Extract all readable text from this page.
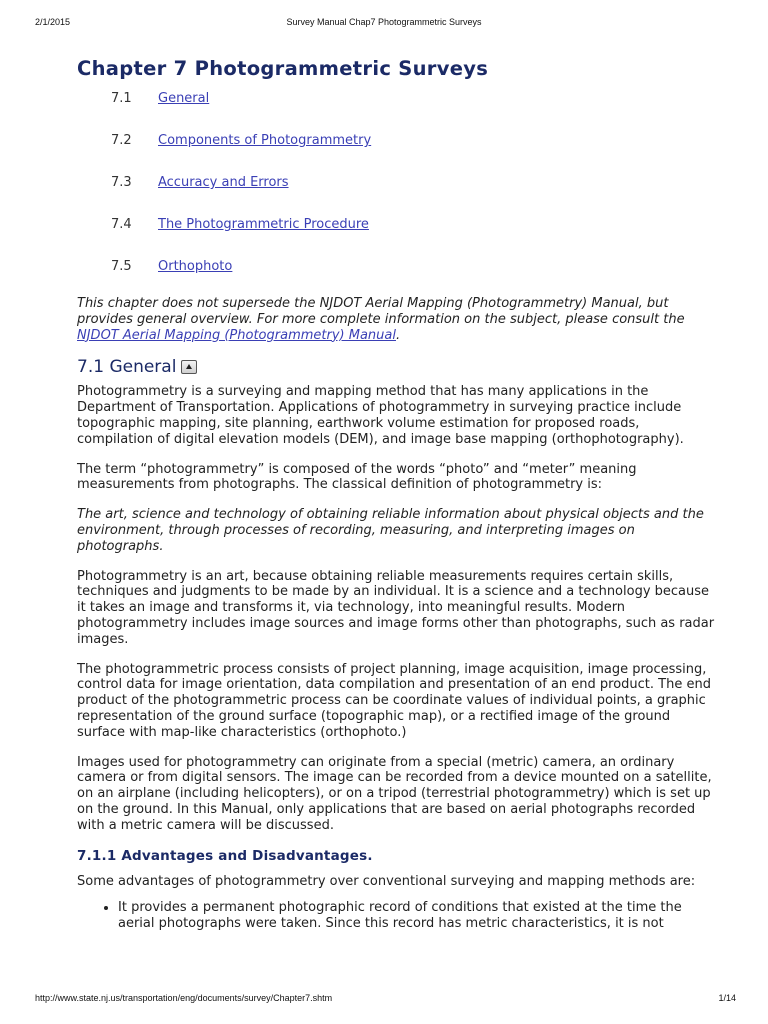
2/1/2015	Survey Manual Chap7 Photogrammetric Surveys
Chapter 7 Photogrammetric Surveys
7.1 General
7.2 Components of Photogrammetry
7.3 Accuracy and Errors
7.4 The Photogrammetric Procedure
7.5 Orthophoto

This chapter does not supersede the NJDOT Aerial Mapping (Photogrammetry) Manual, but provides general overview. For more complete information on the subject, please consult the NJDOT Aerial Mapping (Photogrammetry) Manual.

7.1 General

Photogrammetry is a surveying and mapping method that has many applications in the Department of Transportation. Applications of photogrammetry in surveying practice include topographic mapping, site planning, earthwork volume estimation for proposed roads, compilation of digital elevation models (DEM), and image base mapping (orthophotography).

The term “photogrammetry” is composed of the words “photo” and “meter” meaning measurements from photographs. The classical definition of photogrammetry is:

The art, science and technology of obtaining reliable information about physical objects and the environment, through processes of recording, measuring, and interpreting images on photographs.

Photogrammetry is an art, because obtaining reliable measurements requires certain skills, techniques and judgments to be made by an individual. It is a science and a technology because it takes an image and transforms it, via technology, into meaningful results. Modern photogrammetry includes image sources and image forms other than photographs, such as radar images.

The photogrammetric process consists of project planning, image acquisition, image processing, control data for image orientation, data compilation and presentation of an end product. The end product of the photogrammetric process can be coordinate values of individual points, a graphic representation of the ground surface (topographic map), or a rectified image of the ground surface with map-like characteristics (orthophoto.)

Images used for photogrammetry can originate from a special (metric) camera, an ordinary camera or from digital sensors. The image can be recorded from a device mounted on a satellite, on an airplane (including helicopters), or on a tripod (terrestrial photogrammetry) which is set up on the ground. In this Manual, only applications that are based on aerial photographs recorded with a metric camera will be discussed.

7.1.1 Advantages and Disadvantages.

Some advantages of photogrammetry over conventional surveying and mapping methods are:

• It provides a permanent photographic record of conditions that existed at the time the aerial photographs were taken. Since this record has metric characteristics, it is not
http://www.state.nj.us/transportation/eng/documents/survey/Chapter7.shtm	1/14
